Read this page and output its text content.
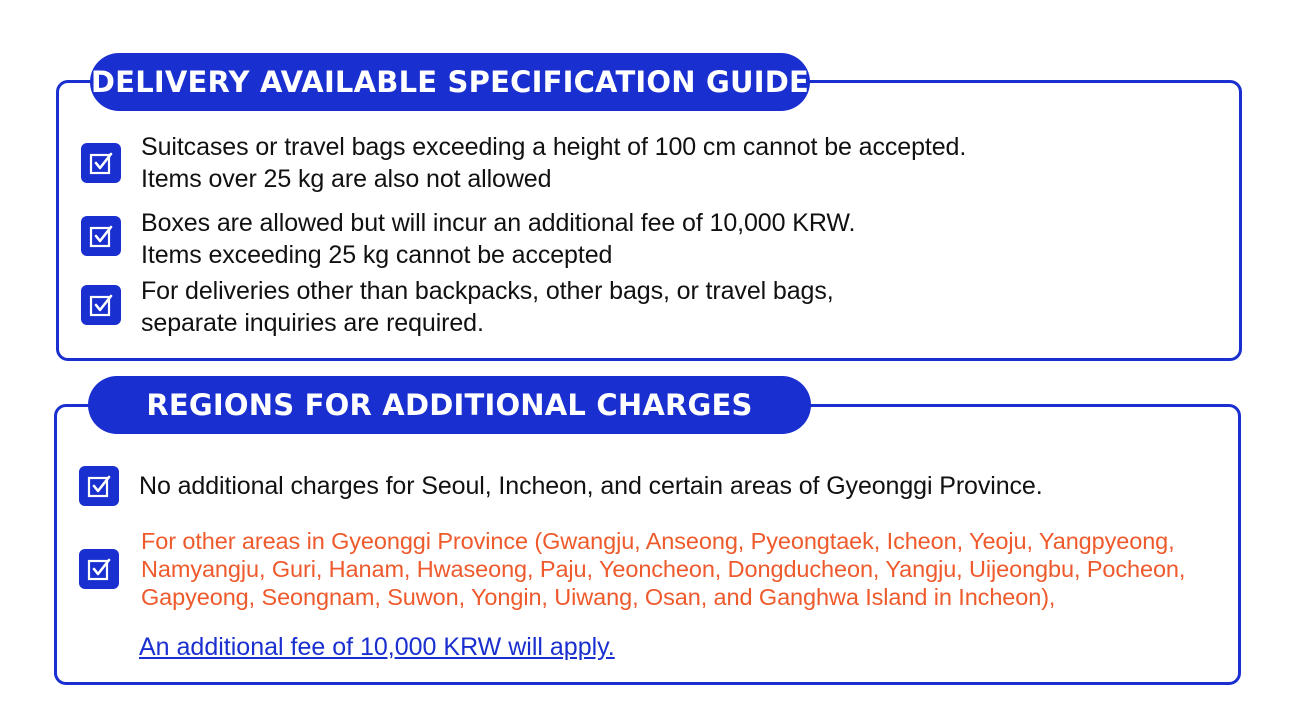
DELIVERY AVAILABLE SPECIFICATION GUIDE
Suitcases or travel bags exceeding a height of 100 cm cannot be accepted.
Items over 25 kg are also not allowed
Boxes are allowed but will incur an additional fee of 10,000 KRW.
Items exceeding 25 kg cannot be accepted
For deliveries other than backpacks, other bags, or travel bags,
separate inquiries are required.
REGIONS FOR ADDITIONAL CHARGES
No additional charges for Seoul, Incheon, and certain areas of Gyeonggi Province.
For other areas in Gyeonggi Province (Gwangju, Anseong, Pyeongtaek, Icheon, Yeoju, Yangpyeong,
Namyangju, Guri, Hanam, Hwaseong, Paju, Yeoncheon, Dongducheon, Yangju, Uijeongbu, Pocheon,
Gapyeong, Seongnam, Suwon, Yongin, Uiwang, Osan, and Ganghwa Island in Incheon),
An additional fee of 10,000 KRW will apply.
